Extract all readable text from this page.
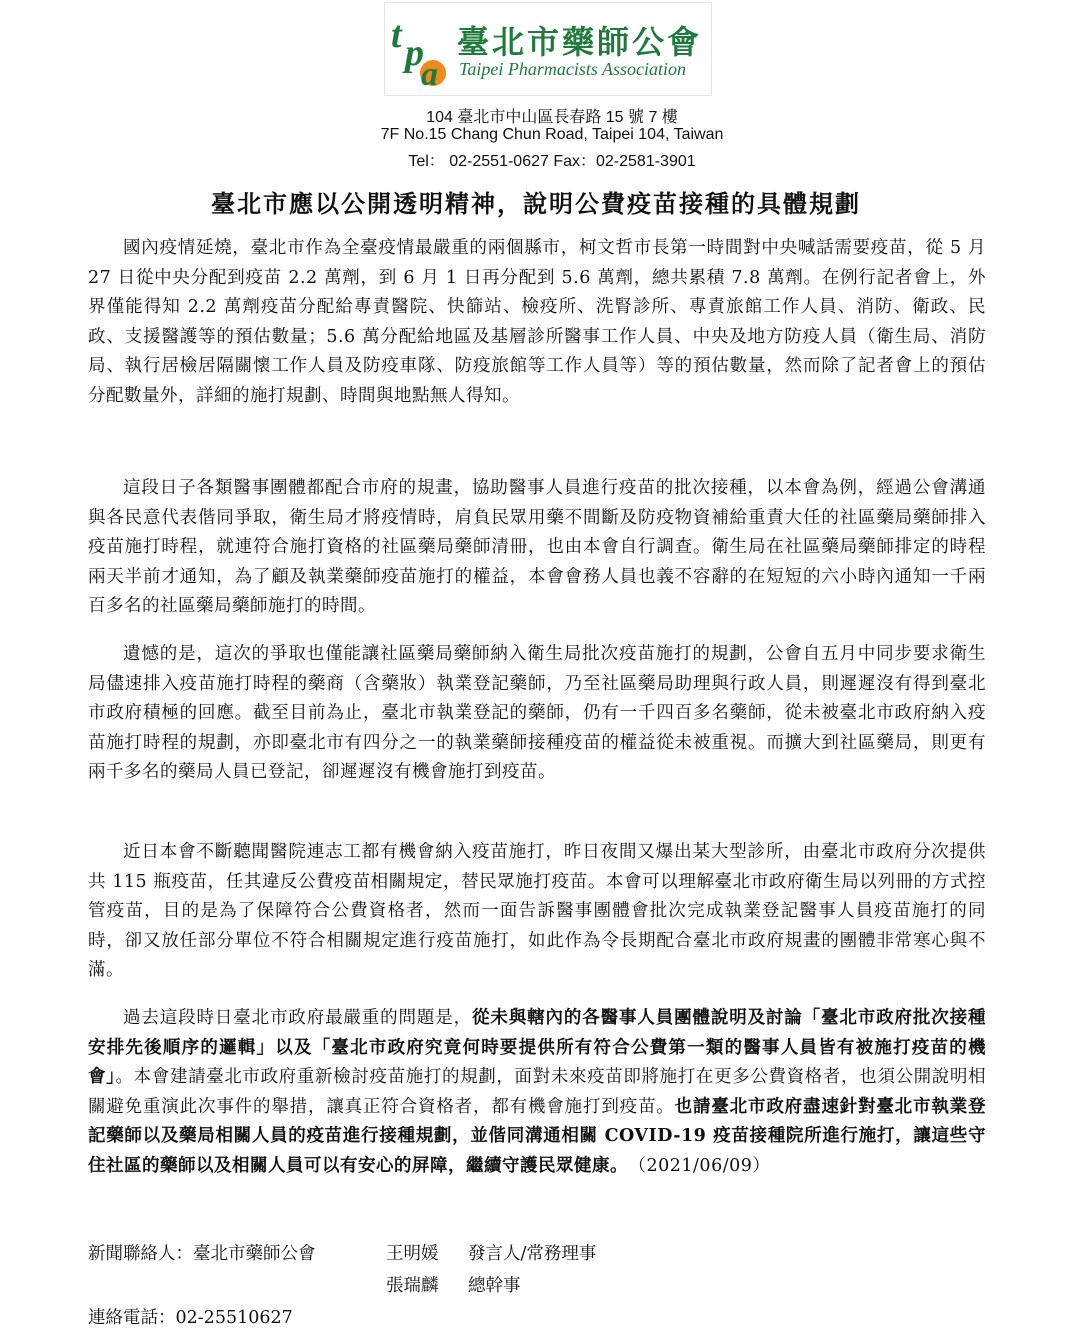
t p
a
臺北市藥師公會
Taipei Pharmacists Association
104 臺北市中山區長春路 15 號 7 樓
7F No.15 Chang Chun Road, Taipei 104, Taiwan
Tel： 02-2551-0627 Fax：02-2581-3901
臺北市應以公開透明精神，說明公費疫苗接種的具體規劃

國內疫情延燒，臺北市作為全臺疫情最嚴重的兩個縣市，柯文哲市長第一時間對中央喊話需要疫苗，從 5 月 27 日從中央分配到疫苗 2.2 萬劑，到 6 月 1 日再分配到 5.6 萬劑，總共累積 7.8 萬劑。在例行記者會上，外界僅能得知 2.2 萬劑疫苗分配給專責醫院、快篩站、檢疫所、洗腎診所、專責旅館工作人員、消防、衛政、民政、支援醫護等的預估數量；5.6 萬分配給地區及基層診所醫事工作人員、中央及地方防疫人員（衛生局、消防局、執行居檢居隔關懷工作人員及防疫車隊、防疫旅館等工作人員等）等的預估數量，然而除了記者會上的預估分配數量外，詳細的施打規劃、時間與地點無人得知。

這段日子各類醫事團體都配合市府的規畫，協助醫事人員進行疫苗的批次接種，以本會為例，經過公會溝通與各民意代表偕同爭取，衛生局才將疫情時，肩負民眾用藥不間斷及防疫物資補給重責大任的社區藥局藥師排入疫苗施打時程，就連符合施打資格的社區藥局藥師清冊，也由本會自行調查。衛生局在社區藥局藥師排定的時程兩天半前才通知，為了顧及執業藥師疫苗施打的權益，本會會務人員也義不容辭的在短短的六小時內通知一千兩百多名的社區藥局藥師施打的時間。

遺憾的是，這次的爭取也僅能讓社區藥局藥師納入衛生局批次疫苗施打的規劃，公會自五月中同步要求衛生局儘速排入疫苗施打時程的藥商（含藥妝）執業登記藥師，乃至社區藥局助理與行政人員，則遲遲沒有得到臺北市政府積極的回應。截至目前為止，臺北市執業登記的藥師，仍有一千四百多名藥師，從未被臺北市政府納入疫苗施打時程的規劃，亦即臺北市有四分之一的執業藥師接種疫苗的權益從未被重視。而擴大到社區藥局，則更有兩千多名的藥局人員已登記，卻遲遲沒有機會施打到疫苗。

近日本會不斷聽聞醫院連志工都有機會納入疫苗施打，昨日夜間又爆出某大型診所，由臺北市政府分次提供共 115 瓶疫苗，任其違反公費疫苗相關規定，替民眾施打疫苗。本會可以理解臺北市政府衛生局以列冊的方式控管疫苗，目的是為了保障符合公費資格者，然而一面告訴醫事團體會批次完成執業登記醫事人員疫苗施打的同時，卻又放任部分單位不符合相關規定進行疫苗施打，如此作為令長期配合臺北市政府規畫的團體非常寒心與不滿。

過去這段時日臺北市政府最嚴重的問題是，從未與轄內的各醫事人員團體說明及討論「臺北市政府批次接種安排先後順序的邏輯」以及「臺北市政府究竟何時要提供所有符合公費第一類的醫事人員皆有被施打疫苗的機會」。本會建請臺北市政府重新檢討疫苗施打的規劃，面對未來疫苗即將施打在更多公費資格者，也須公開說明相關避免重演此次事件的舉措，讓真正符合資格者，都有機會施打到疫苗。也請臺北市政府盡速針對臺北市執業登記藥師以及藥局相關人員的疫苗進行接種規劃，並偕同溝通相關 COVID-19 疫苗接種院所進行施打，讓這些守住社區的藥師以及相關人員可以有安心的屏障，繼續守護民眾健康。　 （2021/06/09）

新聞聯絡人：臺北市藥師公會	王明媛 發言人/常務理事
張瑞麟 總幹事
連絡電話：02-25510627
